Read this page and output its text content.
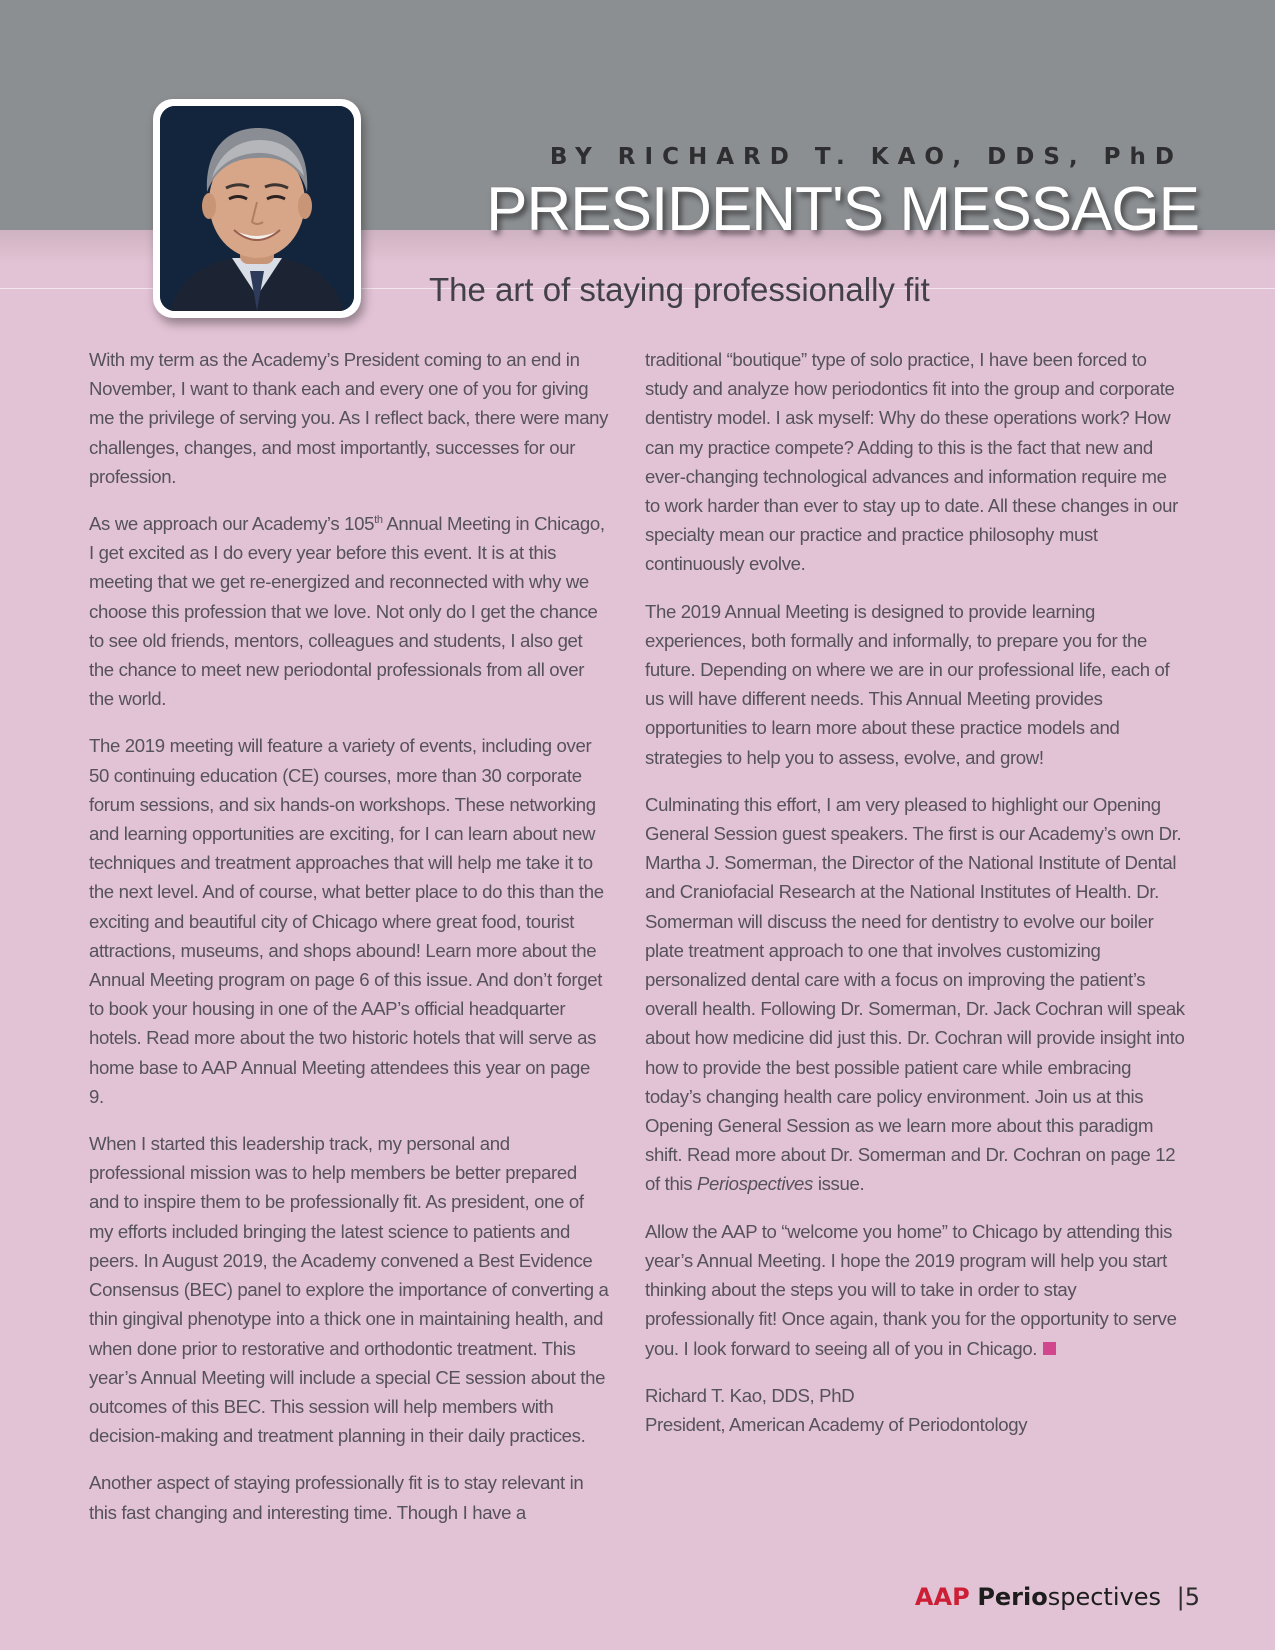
BY RICHARD T. KAO, DDS, PhD
PRESIDENT'S MESSAGE
The art of staying professionally fit

With my term as the Academy’s President coming to an end in November, I want to thank each and every one of you for giving me the privilege of serving you. As I reflect back, there were many challenges, changes, and most importantly, successes for our profession.

As we approach our Academy’s 105th Annual Meeting in Chicago, I get excited as I do every year before this event. It is at this meeting that we get re-energized and reconnected with why we choose this profession that we love. Not only do I get the chance to see old friends, mentors, colleagues and students, I also get the chance to meet new periodontal professionals from all over the world.

The 2019 meeting will feature a variety of events, including over 50 continuing education (CE) courses, more than 30 corporate forum sessions, and six hands-on workshops. These networking and learning opportunities are exciting, for I can learn about new techniques and treatment approaches that will help me take it to the next level. And of course, what better place to do this than the exciting and beautiful city of Chicago where great food, tourist attractions, museums, and shops abound! Learn more about the Annual Meeting program on page 6 of this issue. And don’t forget to book your housing in one of the AAP’s official headquarter hotels. Read more about the two historic hotels that will serve as home base to AAP Annual Meeting attendees this year on page 9.

When I started this leadership track, my personal and professional mission was to help members be better prepared and to inspire them to be professionally fit. As president, one of my efforts included bringing the latest science to patients and peers. In August 2019, the Academy convened a Best Evidence Consensus (BEC) panel to explore the importance of converting a thin gingival phenotype into a thick one in maintaining health, and when done prior to restorative and orthodontic treatment. This year’s Annual Meeting will include a special CE session about the outcomes of this BEC. This session will help members with decision-making and treatment planning in their daily practices.

Another aspect of staying professionally fit is to stay relevant in this fast changing and interesting time. Though I have a

traditional “boutique” type of solo practice, I have been forced to study and analyze how periodontics fit into the group and corporate dentistry model. I ask myself: Why do these operations work? How can my practice compete? Adding to this is the fact that new and ever-changing technological advances and information require me to work harder than ever to stay up to date. All these changes in our specialty mean our practice and practice philosophy must continuously evolve.

The 2019 Annual Meeting is designed to provide learning experiences, both formally and informally, to prepare you for the future. Depending on where we are in our professional life, each of us will have different needs. This Annual Meeting provides opportunities to learn more about these practice models and strategies to help you to assess, evolve, and grow!

Culminating this effort, I am very pleased to highlight our Opening General Session guest speakers. The first is our Academy’s own Dr. Martha J. Somerman, the Director of the National Institute of Dental and Craniofacial Research at the National Institutes of Health. Dr. Somerman will discuss the need for dentistry to evolve our boiler plate treatment approach to one that involves customizing personalized dental care with a focus on improving the patient’s overall health. Following Dr. Somerman, Dr. Jack Cochran will speak about how medicine did just this. Dr. Cochran will provide insight into how to provide the best possible patient care while embracing today’s changing health care policy environment. Join us at this Opening General Session as we learn more about this paradigm shift. Read more about Dr. Somerman and Dr. Cochran on page 12 of this Periospectives issue.

Allow the AAP to “welcome you home” to Chicago by attending this year’s Annual Meeting. I hope the 2019 program will help you start thinking about the steps you will to take in order to stay professionally fit! Once again, thank you for the opportunity to serve you. I look forward to seeing all of you in Chicago.

Richard T. Kao, DDS, PhD
President, American Academy of Periodontology

AAP Periospectives |5
